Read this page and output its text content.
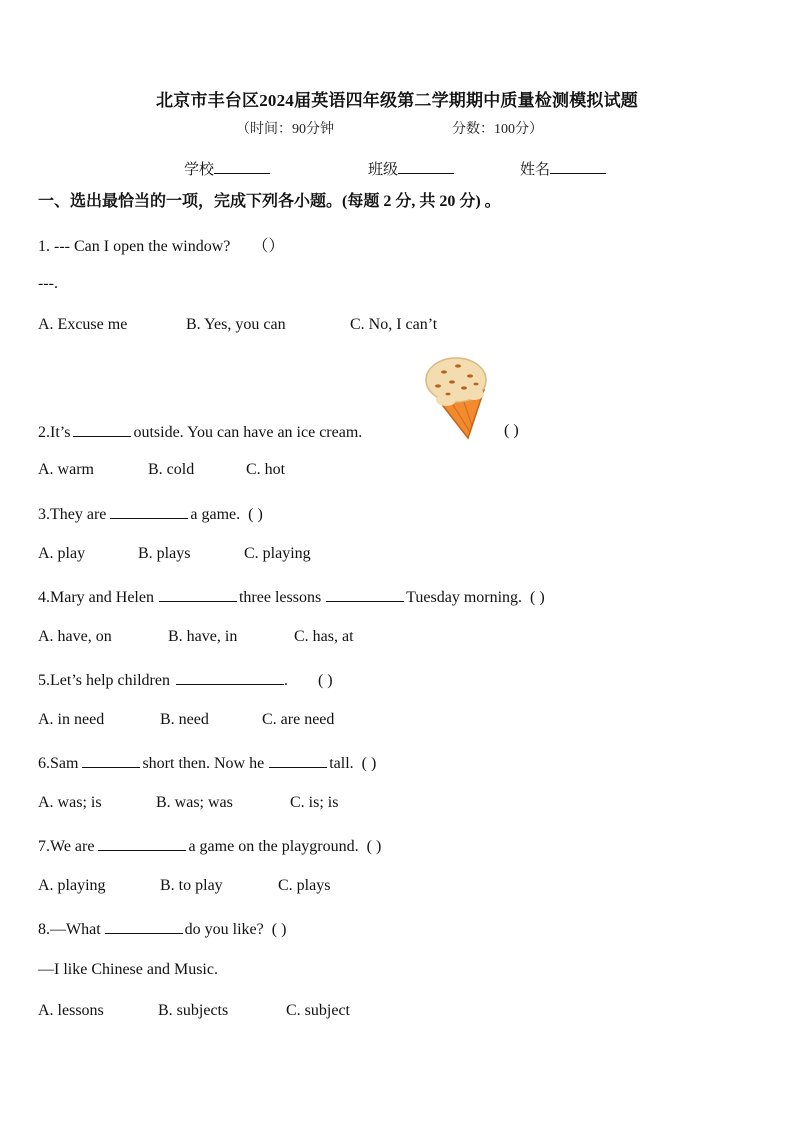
北京市丰台区2024届英语四年级第二学期期中质量检测模拟试题
（时间：90分钟	分数：100分）
学校	班级	姓名
一、选出最恰当的一项，完成下列各小题。(每题 2 分, 共 20 分) 。
1. --- Can I open the window? （）
---.
A. Excuse me	B. Yes, you can	C. No, I can’t
2.It’s	outside. You can have an ice cream.	( )
A. warm	B. cold	C. hot
3.They are	a game. ( )
A. play	B. plays	C. playing
4.Mary and Helen	three lessons	Tuesday morning. ( )
A. have, on	B. have, in	C. has, at
5.Let’s help children	. ( )
A. in need	B. need	C. are need
6.Sam	short then. Now he	tall. ( )
A. was; is	B. was; was	C. is; is
7.We are	a game on the playground. ( )
A. playing	B. to play	C. plays
8.—What	do you like? ( )
—I like Chinese and Music.
A. lessons	B. subjects	C. subject
